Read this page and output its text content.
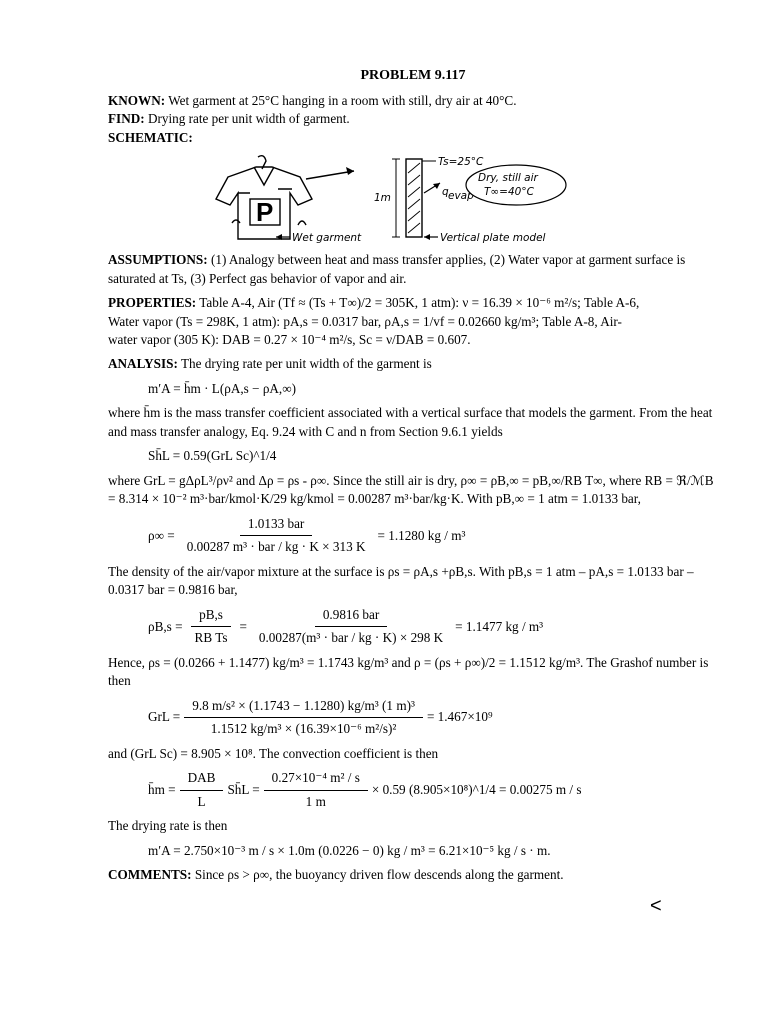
PROBLEM 9.117

KNOWN: Wet garment at 25°C hanging in a room with still, dry air at 40°C.

FIND: Drying rate per unit width of garment.

SCHEMATIC:

P
Wet garment
1m
Ts=25°C
q evap
Dry, still air
T∞=40°C
Vertical plate model

ASSUMPTIONS: (1) Analogy between heat and mass transfer applies, (2) Water vapor at garment surface is saturated at Ts, (3) Perfect gas behavior of vapor and air.

PROPERTIES: Table A-4, Air (Tf ≈ (Ts + T∞)/2 = 305K, 1 atm): ν = 16.39 × 10⁻⁶ m²/s; Table A-6,

Water vapor (Ts = 298K, 1 atm): pA,s = 0.0317 bar, ρA,s = 1/vf = 0.02660 kg/m³; Table A-8, Air-

water vapor (305 K): DAB = 0.27 × 10⁻⁴ m²/s, Sc = ν/DAB = 0.607.

ANALYSIS: The drying rate per unit width of the garment is

m′A = h̄m · L(ρA,s − ρA,∞)

where h̄m is the mass transfer coefficient associated with a vertical surface that models the garment. From the heat and mass transfer analogy, Eq. 9.24 with C and n from Section 9.6.1 yields

Sh̄L = 0.59(GrL Sc)^1/4

where GrL = gΔρL³/ρν² and Δρ = ρs - ρ∞. Since the still air is dry, ρ∞ = ρB,∞ = pB,∞/RB T∞, where RB = ℜ/ℳB = 8.314 × 10⁻² m³·bar/kmol·K/29 kg/kmol = 0.00287 m³·bar/kg·K. With pB,∞ = 1 atm = 1.0133 bar,

$\rho\infty = \frac{\text{1.0133 bar}}{\text{0.00287 m³ · bar / kg · K × 313 K}} = 1.1280$ kg / m³

The density of the air/vapor mixture at the surface is ρs = ρA,s +ρB,s. With pB,s = 1 atm – pA,s = 1.0133 bar – 0.0317 bar = 0.9816 bar,

$\rho B,s = \frac{pB,s}{\text{RB Ts}} = \frac{\text{0.9816 bar}}{\text{0.00287(m³ · bar / kg · K) × 298 K}} = 1.1477$ kg / m³

Hence, ρs = (0.0266 + 1.1477) kg/m³ = 1.1743 kg/m³ and ρ = (ρs + ρ∞)/2 = 1.1512 kg/m³. The Grashof number is then

GrL = $\frac{\text{9.8 m/s² × (1.1743 − 1.1280) kg/m³ (1 m)³}}{\text{1.1512 kg/m³ × (16.39×10⁻⁶ m²/s)²}} = 1.467\times 10^9$

and (GrL Sc) = 8.905 × 10⁸. The convection coefficient is then

h̄m = $\frac{\text{DAB}}{L}$ Sh̄L = $\frac{\text{0.27×10⁻⁴ m² / s}}{1 m} \times 0.59$ (8.905×10⁸)^1/4 = 0.00275 m / s

The drying rate is then

m′A = 2.750×10⁻³ m / s × 1.0m (0.0226 − 0) kg / m³ = 6.21×10⁻⁵ kg / s · m.

COMMENTS: Since ρs > ρ∞, the buoyancy driven flow descends along the garment.

<
